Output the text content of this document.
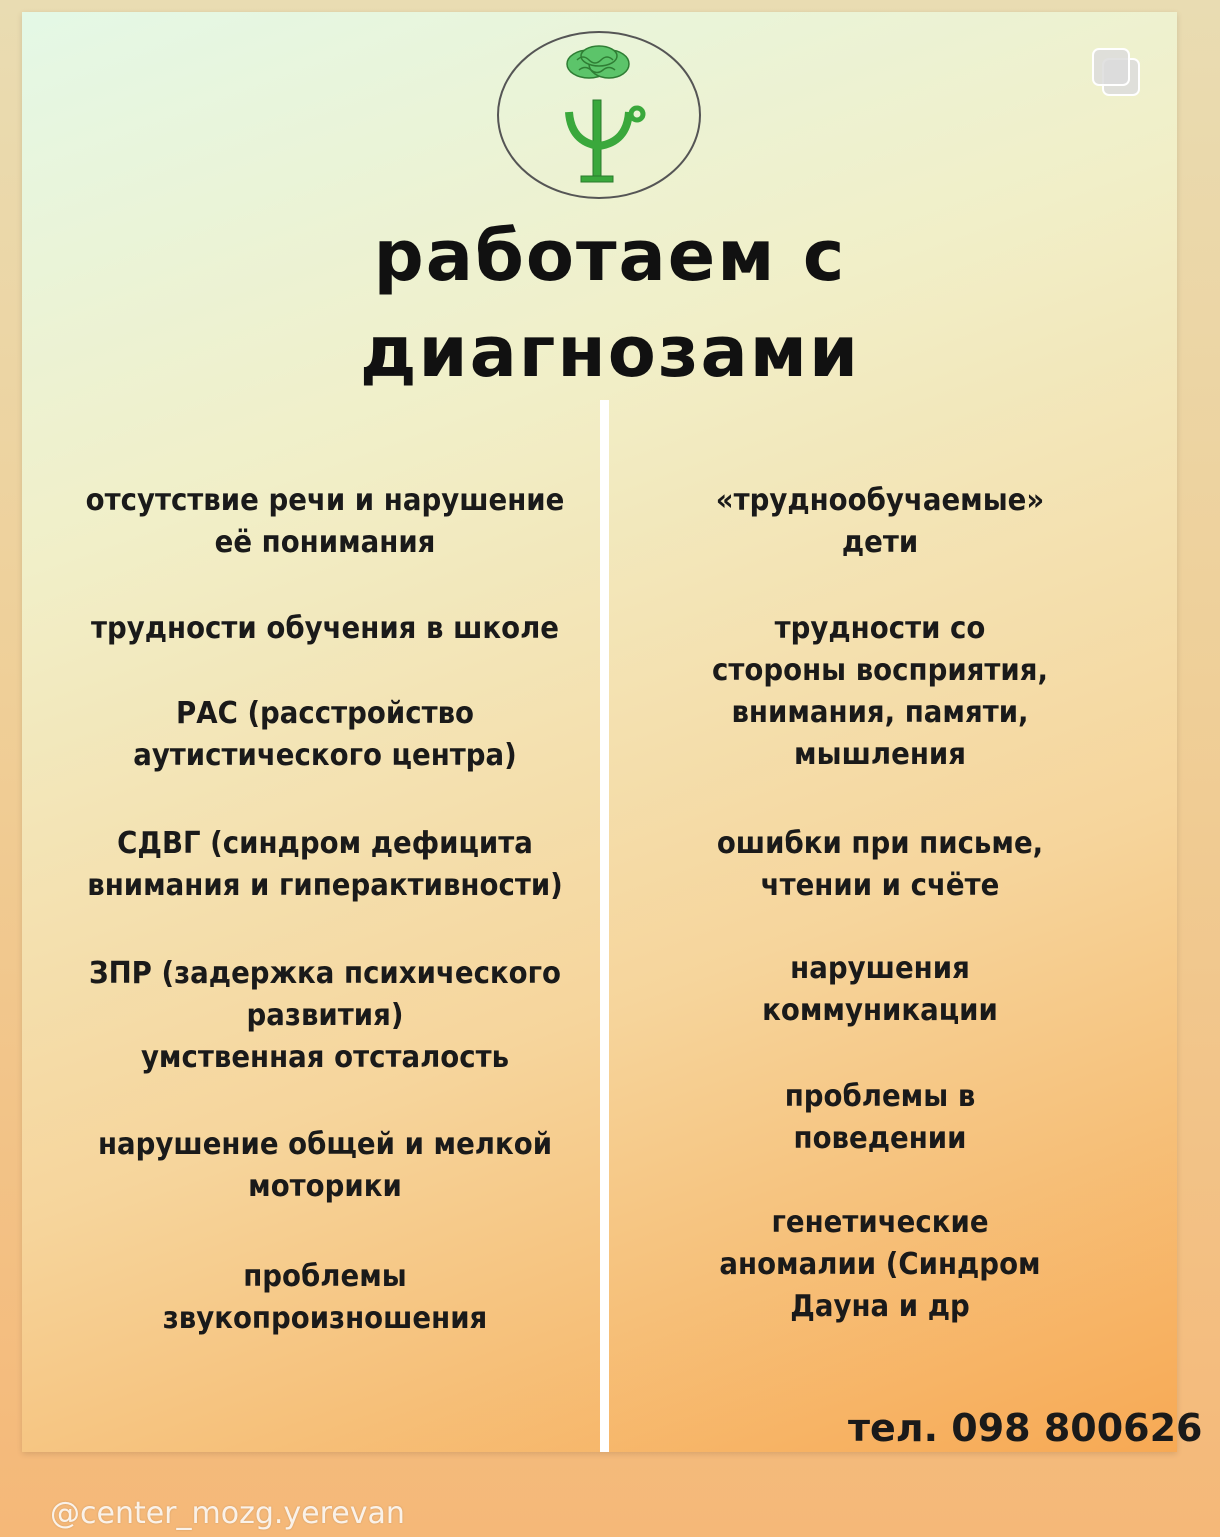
работаем с
диагнозами
отсутствие речи и нарушение
её понимания
трудности обучения в школе
РАС (расстройство
аутистического центра)
СДВГ (синдром дефицита
внимания и гиперактивности)
ЗПР (задержка психического
развития)
умственная отсталость
нарушение общей и мелкой
моторики
проблемы
звукопроизношения
«труднообучаемые»
дети
трудности со
стороны восприятия,
внимания, памяти,
мышления
ошибки при письме,
чтении и счёте
нарушения
коммуникации
проблемы в
поведении
генетические
аномалии (Синдром
Дауна и др
тел. 098 800626
@center_mozg.yerevan
